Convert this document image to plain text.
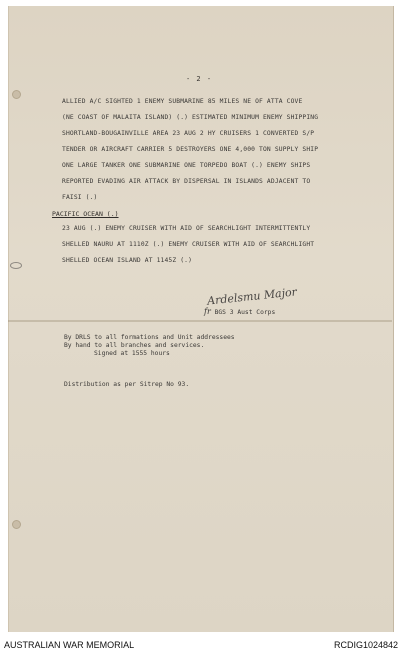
- 2 -
ALLIED A/C SIGHTED 1 ENEMY SUBMARINE 85 MILES NE OF ATTA COVE
(NE COAST OF MALAITA ISLAND) (.) ESTIMATED MINIMUM ENEMY SHIPPING
SHORTLAND-BOUGAINVILLE AREA 23 AUG 2 HY CRUISERS 1 CONVERTED S/P
TENDER OR AIRCRAFT CARRIER 5 DESTROYERS ONE 4,000 TON SUPPLY SHIP
ONE LARGE TANKER ONE SUBMARINE ONE TORPEDO BOAT (.) ENEMY SHIPS
REPORTED EVADING AIR ATTACK BY DISPERSAL IN ISLANDS ADJACENT TO
FAISI (.)
PACIFIC OCEAN (.)
23 AUG (.) ENEMY CRUISER WITH AID OF SEARCHLIGHT INTERMITTENTLY
SHELLED NAURU AT 1110Z (.) ENEMY CRUISER WITH AID OF SEARCHLIGHT
SHELLED OCEAN ISLAND AT 1145Z (.)
Ardelsmu Major
fr BGS 3 Aust Corps
By DRLS to all formations and Unit addressees
By hand to all branches and services.
Signed at 1555 hours
Distribution as per Sitrep No 93.
AUSTRALIAN WAR MEMORIAL	RCDIG1024842
